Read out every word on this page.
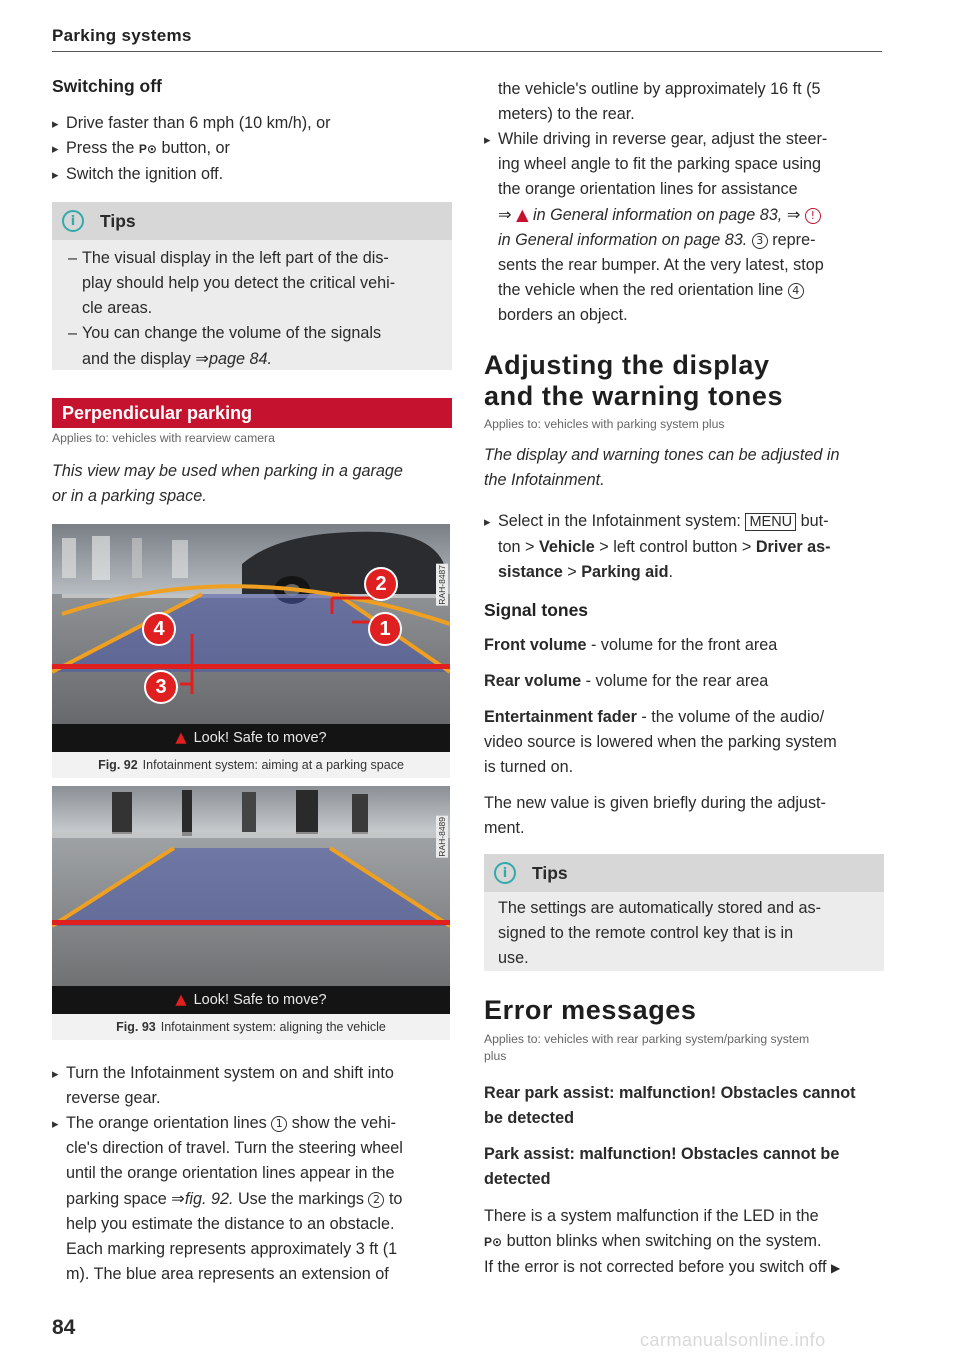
Parking systems
Switching off
▸ Drive faster than 6 mph (10 km/h), or
▸ Press the P⊙ button, or
▸ Switch the ignition off.
i	Tips
– The visual display in the left part of the dis-
play should help you detect the critical vehi-
cle areas.
– You can change the volume of the signals
and the display ⇒page 84.
Perpendicular parking
Applies to: vehicles with rearview camera
This view may be used when parking in a garage
or in a parking space.
2
1
4
3
▲ Look! Safe to move?
RAH-8487
Fig. 92 Infotainment system: aiming at a parking space
▲ Look! Safe to move?
RAH-8489
Fig. 93 Infotainment system: aligning the vehicle
▸ Turn the Infotainment system on and shift into
reverse gear.
▸ The orange orientation lines 1 show the vehi-
cle's direction of travel. Turn the steering wheel
until the orange orientation lines appear in the
parking space ⇒fig. 92. Use the markings 2 to
help you estimate the distance to an obstacle.
Each marking represents approximately 3 ft (1
m). The blue area represents an extension of
the vehicle's outline by approximately 16 ft (5
meters) to the rear.
▸ While driving in reverse gear, adjust the steer-
ing wheel angle to fit the parking space using
the orange orientation lines for assistance
⇒ ▲ in General information on page 83, ⇒ !
in General information on page 83. 3 repre-
sents the rear bumper. At the very latest, stop
the vehicle when the red orientation line 4
borders an object.
Adjusting the display
and the warning tones
Applies to: vehicles with parking system plus
The display and warning tones can be adjusted in
the Infotainment.
▸ Select in the Infotainment system: MENU but-
ton > Vehicle > left control button > Driver as-
sistance > Parking aid.
Signal tones
Front volume - volume for the front area
Rear volume - volume for the rear area
Entertainment fader - the volume of the audio/
video source is lowered when the parking system
is turned on.
The new value is given briefly during the adjust-
ment.
i	Tips
The settings are automatically stored and as-
signed to the remote control key that is in
use.
Error messages
Applies to: vehicles with rear parking system/parking system
plus
Rear park assist: malfunction! Obstacles cannot
be detected
Park assist: malfunction! Obstacles cannot be
detected
There is a system malfunction if the LED in the
P⊙ button blinks when switching on the system.
If the error is not corrected before you switch off ▶
84
carmanualsonline.info
